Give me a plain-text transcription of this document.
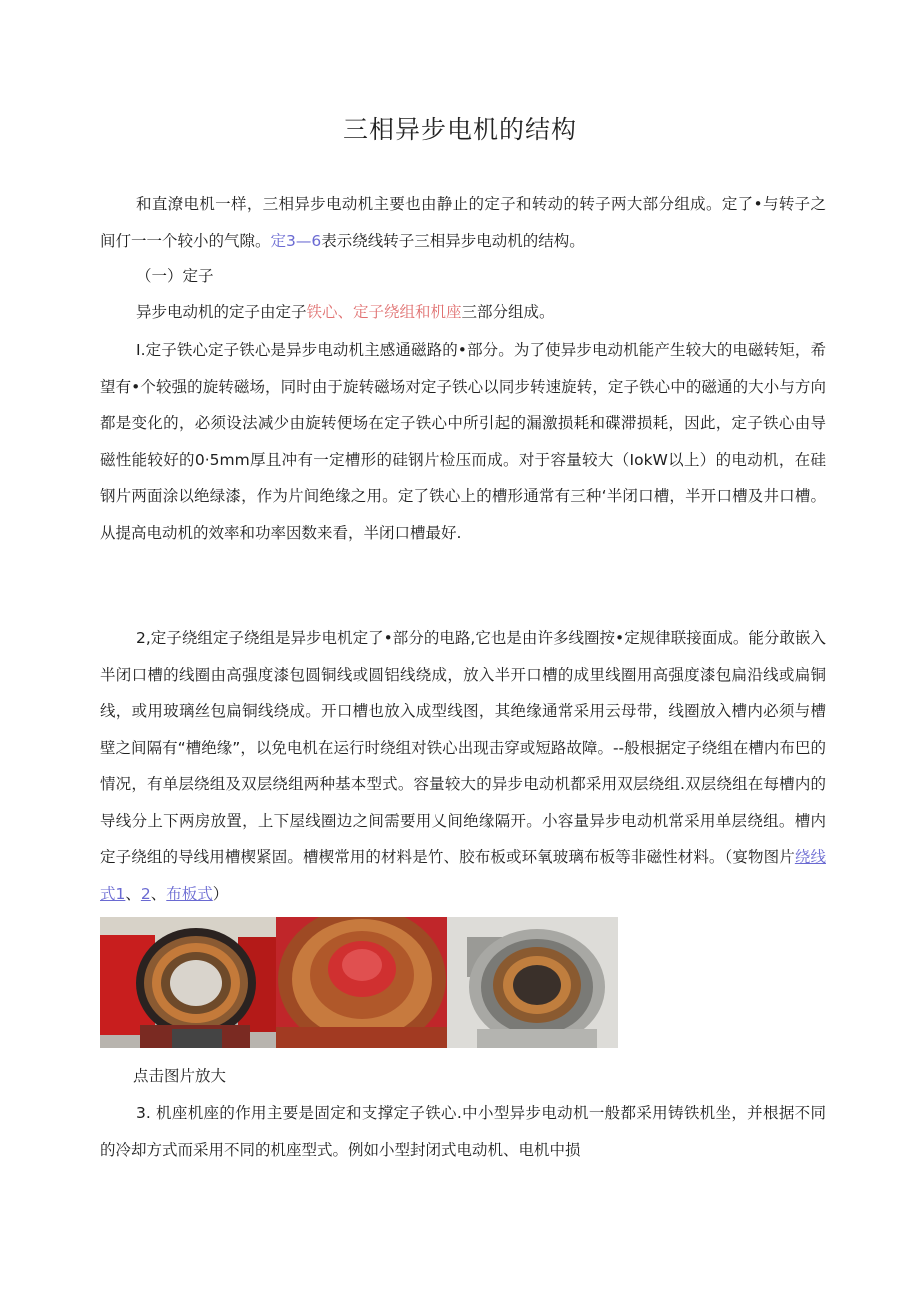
三相异步电机的结构
和直潦电机一样，三相异步电动机主要也由静止的定子和转动的转子两大部分组成。定了•与转子之间仃一一个较小的气隙。定3—6表示绕线转子三相异步电动机的结构。
（一）定子
异步电动机的定子由定子铁心、定子绕组和机座三部分组成。
I.定子铁心定子铁心是异步电动机主感通磁路的•部分。为了使异步电动机能产生较大的电磁转矩，希望有•个较强的旋转磁场，同时由于旋转磁场对定子铁心以同步转速旋转，定子铁心中的磁通的大小与方向都是变化的，必须设法减少由旋转便场在定子铁心中所引起的漏激损耗和碟滞损耗，因此，定子铁心由导磁性能较好的0·5mm厚且冲有一定槽形的硅钢片检压而成。对于容量较大（IokW以上）的电动机，在硅钢片两面涂以绝绿漆，作为片间绝缘之用。定了铁心上的槽形通常有三种‘半闭口槽，半开口槽及井口槽。从提高电动机的效率和功率因数来看，半闭口槽最好.
2,定子绕组定子绕组是异步电机定了•部分的电路,它也是由许多线圈按•定规律联接面成。能分敢嵌入半闭口槽的线圈由高强度漆包圆铜线或圆铝线绕成，放入半开口槽的成里线圈用高强度漆包扁沿线或扁铜线，或用玻璃丝包扁铜线绕成。开口槽也放入成型线图，其绝缘通常采用云母带，线圈放入槽内必须与槽壁之间隔有“槽绝缘”，以免电机在运行时绕组对铁心出现击穿或短路故障。--般根据定子绕组在槽内布巴的情况，有单层绕组及双层绕组两种基本型式。容量较大的异步电动机都采用双层绕组.双层绕组在每槽内的导线分上下两房放置，上下屋线圈边之间需要用乂间绝缘隔开。小容量异步电动机常采用单层绕组。槽内定子绕组的导线用槽楔紧固。槽楔常用的材料是竹、胶布板或环氧玻璃布板等非磁性材料。（宴物图片绕线式1、2、布板式）
点击图片放大
3. 机座机座的作用主要是固定和支撑定子铁心.中小型异步电动机一般都采用铸铁机坐，并根据不同的冷却方式而采用不同的机座型式。例如小型封闭式电动机、电机中损
